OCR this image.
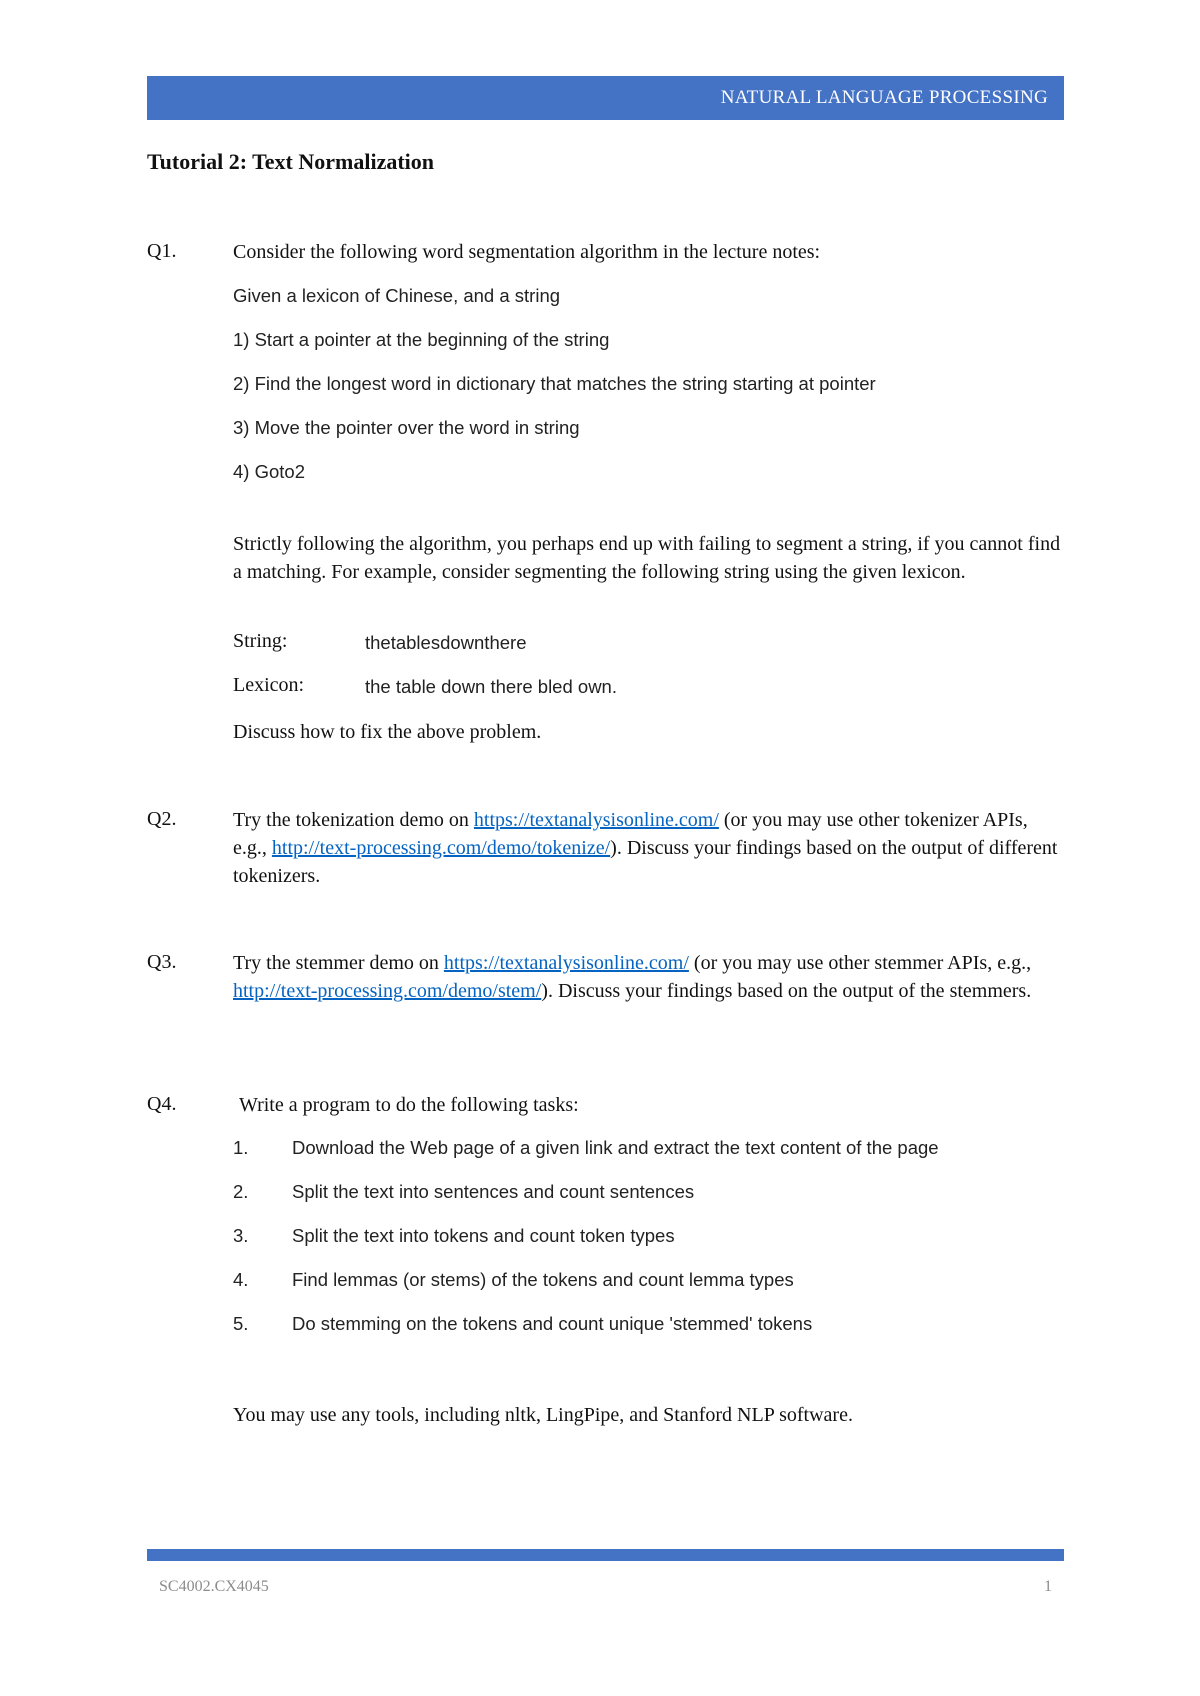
NATURAL LANGUAGE PROCESSING
Tutorial 2: Text Normalization
Q1.	Consider the following word segmentation algorithm in the lecture notes:
Given a lexicon of Chinese, and a string
1) Start a pointer at the beginning of the string
2) Find the longest word in dictionary that matches the string starting at pointer
3) Move the pointer over the word in string
4) Goto2
Strictly following the algorithm, you perhaps end up with failing to segment a string, if you cannot find a matching. For example, consider segmenting the following string using the given lexicon.
String:	thetablesdownthere
Lexicon:	the table down there bled own.
Discuss how to fix the above problem.
Q2.	Try the tokenization demo on https://textanalysisonline.com/ (or you may use other tokenizer APIs, e.g., http://text-processing.com/demo/tokenize/). Discuss your findings based on the output of different tokenizers.
Q3.	Try the stemmer demo on https://textanalysisonline.com/ (or you may use other stemmer APIs, e.g., http://text-processing.com/demo/stem/). Discuss your findings based on the output of the stemmers.
Q4.	Write a program to do the following tasks:
1. Download the Web page of a given link and extract the text content of the page
2. Split the text into sentences and count sentences
3. Split the text into tokens and count token types
4. Find lemmas (or stems) of the tokens and count lemma types
5. Do stemming on the tokens and count unique 'stemmed' tokens
You may use any tools, including nltk, LingPipe, and Stanford NLP software.
SC4002.CX4045	1
